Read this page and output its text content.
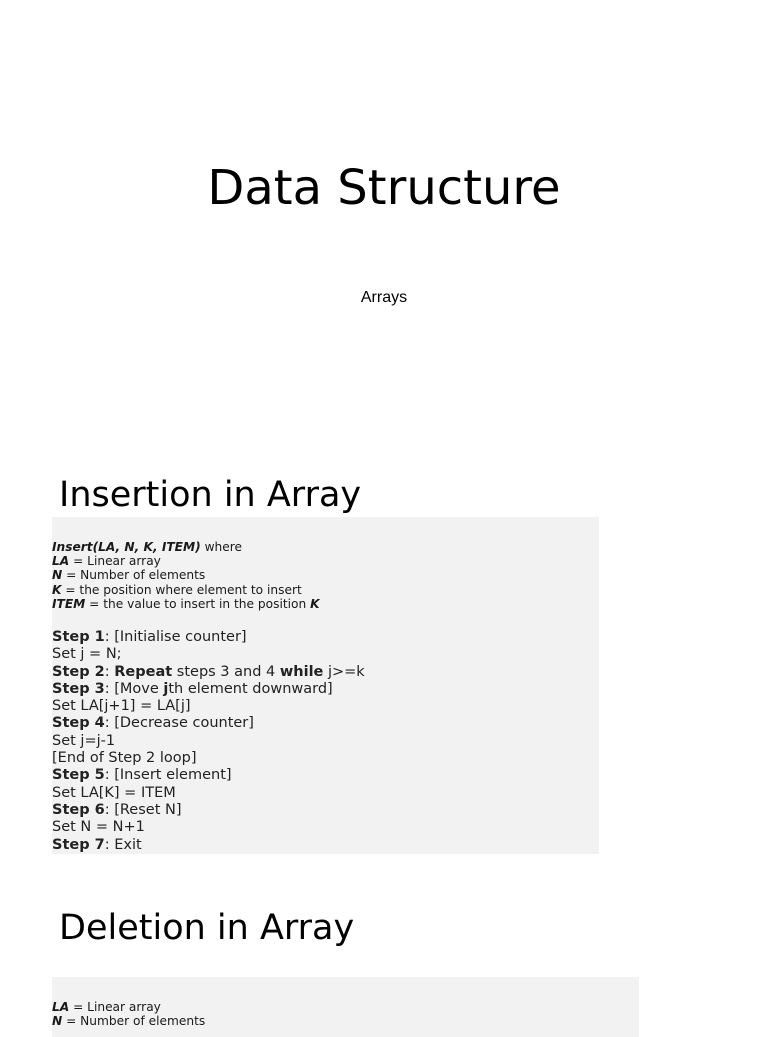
Data Structure
Arrays
Insertion in Array
Insert(LA, N, K, ITEM) where
LA = Linear array
N = Number of elements
K = the position where element to insert
ITEM = the value to insert in the position K
Step 1: [Initialise counter]
Set j = N;
Step 2: Repeat steps 3 and 4 while j>=k
Step 3: [Move jth element downward]
Set LA[j+1] = LA[j]
Step 4: [Decrease counter]
Set j=j-1
[End of Step 2 loop]
Step 5: [Insert element]
Set LA[K] = ITEM
Step 6: [Reset N]
Set N = N+1
Step 7: Exit
Deletion in Array
LA = Linear array
N = Number of elements
